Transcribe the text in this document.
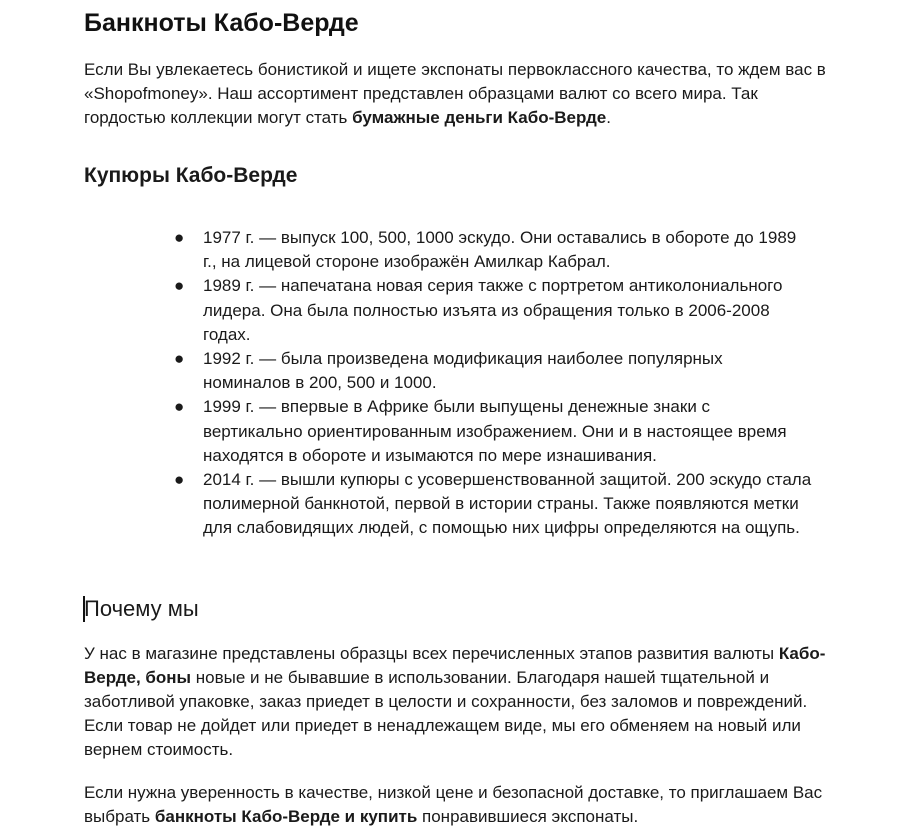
Банкноты Кабо-Верде

Если Вы увлекаетесь бонистикой и ищете экспонаты первоклассного качества, то ждем вас в «Shopofmoney». Наш ассортимент представлен образцами валют со всего мира. Так гордостью коллекции могут стать бумажные деньги Кабо-Верде.

Купюры Кабо-Верде
● 1977 г. — выпуск 100, 500, 1000 эскудо. Они оставались в обороте до 1989 г., на лицевой стороне изображён Амилкар Кабрал.
● 1989 г. — напечатана новая серия также с портретом антиколониального лидера. Она была полностью изъята из обращения только в 2006-2008 годах.
● 1992 г. — была произведена модификация наиболее популярных номиналов в 200, 500 и 1000.
● 1999 г. — впервые в Африке были выпущены денежные знаки с вертикально ориентированным изображением. Они и в настоящее время находятся в обороте и изымаются по мере изнашивания.
● 2014 г. — вышли купюры с усовершенствованной защитой. 200 эскудо стала полимерной банкнотой, первой в истории страны. Также появляются метки для слабовидящих людей, с помощью них цифры определяются на ощупь.
Почему мы

У нас в магазине представлены образцы всех перечисленных этапов развития валюты Кабо-Верде, боны новые и не бывавшие в использовании. Благодаря нашей тщательной и заботливой упаковке, заказ приедет в целости и сохранности, без заломов и повреждений. Если товар не дойдет или приедет в ненадлежащем виде, мы его обменяем на новый или вернем стоимость.

Если нужна уверенность в качестве, низкой цене и безопасной доставке, то приглашаем Вас выбрать банкноты Кабо-Верде и купить понравившиеся экспонаты.
